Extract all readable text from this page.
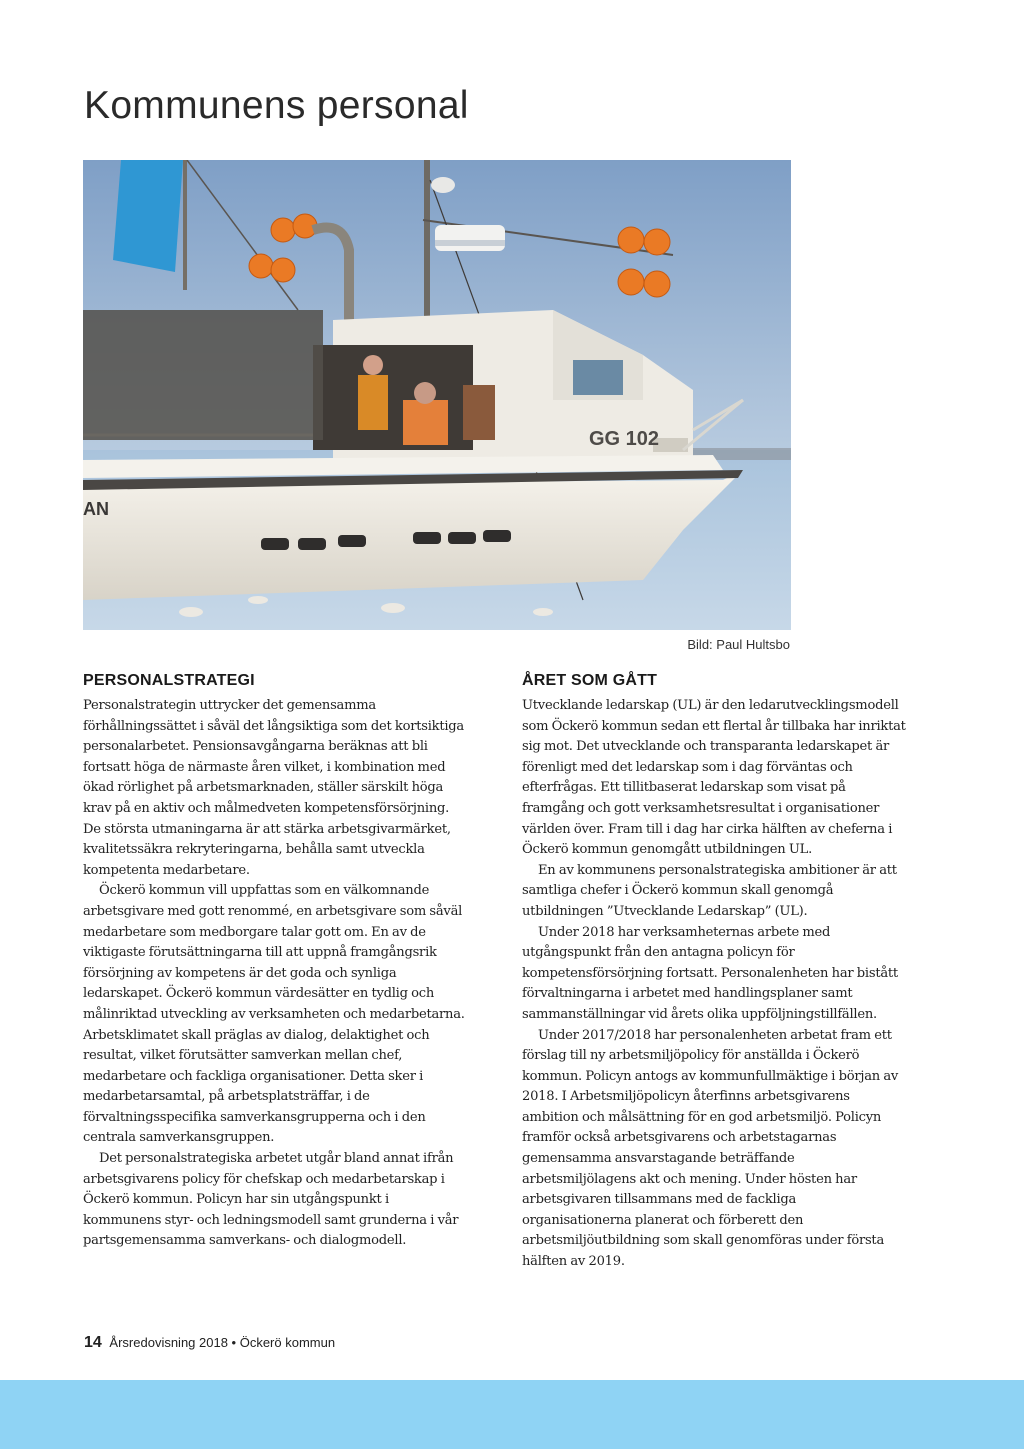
Kommunens personal
GG 102
AN
Bild: Paul Hultsbo
PERSONALSTRATEGI

Personalstrategin uttrycker det gemensamma förhållningssättet i såväl det långsiktiga som det kortsiktiga personalarbetet. Pensionsavgångarna beräknas att bli fortsatt höga de närmaste åren vilket, i kombination med ökad rörlighet på arbetsmarknaden, ställer särskilt höga krav på en aktiv och målmedveten kompetensförsörjning. De största utmaningarna är att stärka arbetsgivarmärket, kvalitetssäkra rekryteringarna, behålla samt utveckla kompetenta medarbetare.

Öckerö kommun vill uppfattas som en välkomnande arbetsgivare med gott renommé, en arbetsgivare som såväl medarbetare som medborgare talar gott om. En av de viktigaste förutsättningarna till att uppnå framgångsrik försörjning av kompetens är det goda och synliga ledarskapet. Öckerö kommun värdesätter en tydlig och målinriktad utveckling av verksamheten och medarbetarna. Arbetsklimatet skall präglas av dialog, delaktighet och resultat, vilket förutsätter samverkan mellan chef, medarbetare och fackliga organisationer. Detta sker i medarbetarsamtal, på arbetsplatsträffar, i de förvaltningsspecifika samverkansgrupperna och i den centrala samverkansgruppen.

Det personalstrategiska arbetet utgår bland annat ifrån arbetsgivarens policy för chefskap och medarbetarskap i Öckerö kommun. Policyn har sin utgångspunkt i kommunens styr- och ledningsmodell samt grunderna i vår partsgemensamma samverkans- och dialogmodell.

ÅRET SOM GÅTT

Utvecklande ledarskap (UL) är den ledarutvecklingsmodell som Öckerö kommun sedan ett flertal år tillbaka har inriktat sig mot. Det utvecklande och transparanta ledarskapet är förenligt med det ledarskap som i dag förväntas och efterfrågas. Ett tillitbaserat ledarskap som visat på framgång och gott verksamhetsresultat i organisationer världen över. Fram till i dag har cirka hälften av cheferna i Öckerö kommun genomgått utbildningen UL.

En av kommunens personalstrategiska ambitioner är att samtliga chefer i Öckerö kommun skall genomgå utbildningen ”Utvecklande Ledarskap” (UL).

Under 2018 har verksamheternas arbete med utgångspunkt från den antagna policyn för kompetensförsörjning fortsatt. Personalenheten har bistått förvaltningarna i arbetet med handlingsplaner samt sammanställningar vid årets olika uppföljningstillfällen.

Under 2017/2018 har personalenheten arbetat fram ett förslag till ny arbetsmiljöpolicy för anställda i Öckerö kommun. Policyn antogs av kommunfullmäktige i början av 2018. I Arbetsmiljöpolicyn återfinns arbetsgivarens ambition och målsättning för en god arbetsmiljö. Policyn framför också arbetsgivarens och arbetstagarnas gemensamma ansvarstagande beträffande arbetsmiljölagens akt och mening. Under hösten har arbetsgivaren tillsammans med de fackliga organisationerna planerat och förberett den arbetsmiljöutbildning som skall genomföras under första hälften av 2019.

14 Årsredovisning 2018 • Öckerö kommun
